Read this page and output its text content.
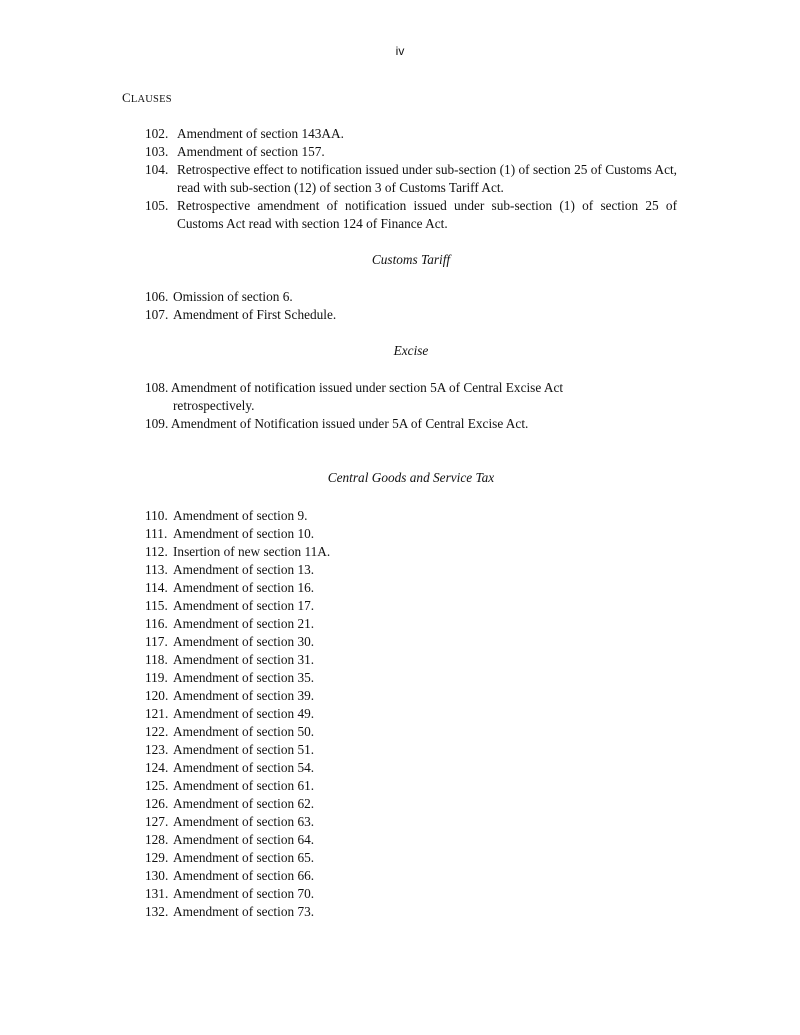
iv
CLAUSES
102. Amendment of section 143AA.
103. Amendment of section 157.
104. Retrospective effect to notification issued under sub-section (1) of section 25 of Customs Act, read with sub-section (12) of section 3 of Customs Tariff Act.
105. Retrospective amendment of notification issued under sub-section (1) of section 25 of Customs Act read with section 124 of Finance Act.
Customs Tariff
106. Omission of section 6.
107. Amendment of First Schedule.
Excise
108. Amendment of notification issued under section 5A of Central Excise Act
retrospectively.
109. Amendment of Notification issued under 5A of Central Excise Act.
Central Goods and Service Tax
110. Amendment of section 9.
111. Amendment of section 10.
112. Insertion of new section 11A.
113. Amendment of section 13.
114. Amendment of section 16.
115. Amendment of section 17.
116. Amendment of section 21.
117. Amendment of section 30.
118. Amendment of section 31.
119. Amendment of section 35.
120. Amendment of section 39.
121. Amendment of section 49.
122. Amendment of section 50.
123. Amendment of section 51.
124. Amendment of section 54.
125. Amendment of section 61.
126. Amendment of section 62.
127. Amendment of section 63.
128. Amendment of section 64.
129. Amendment of section 65.
130. Amendment of section 66.
131. Amendment of section 70.
132. Amendment of section 73.
